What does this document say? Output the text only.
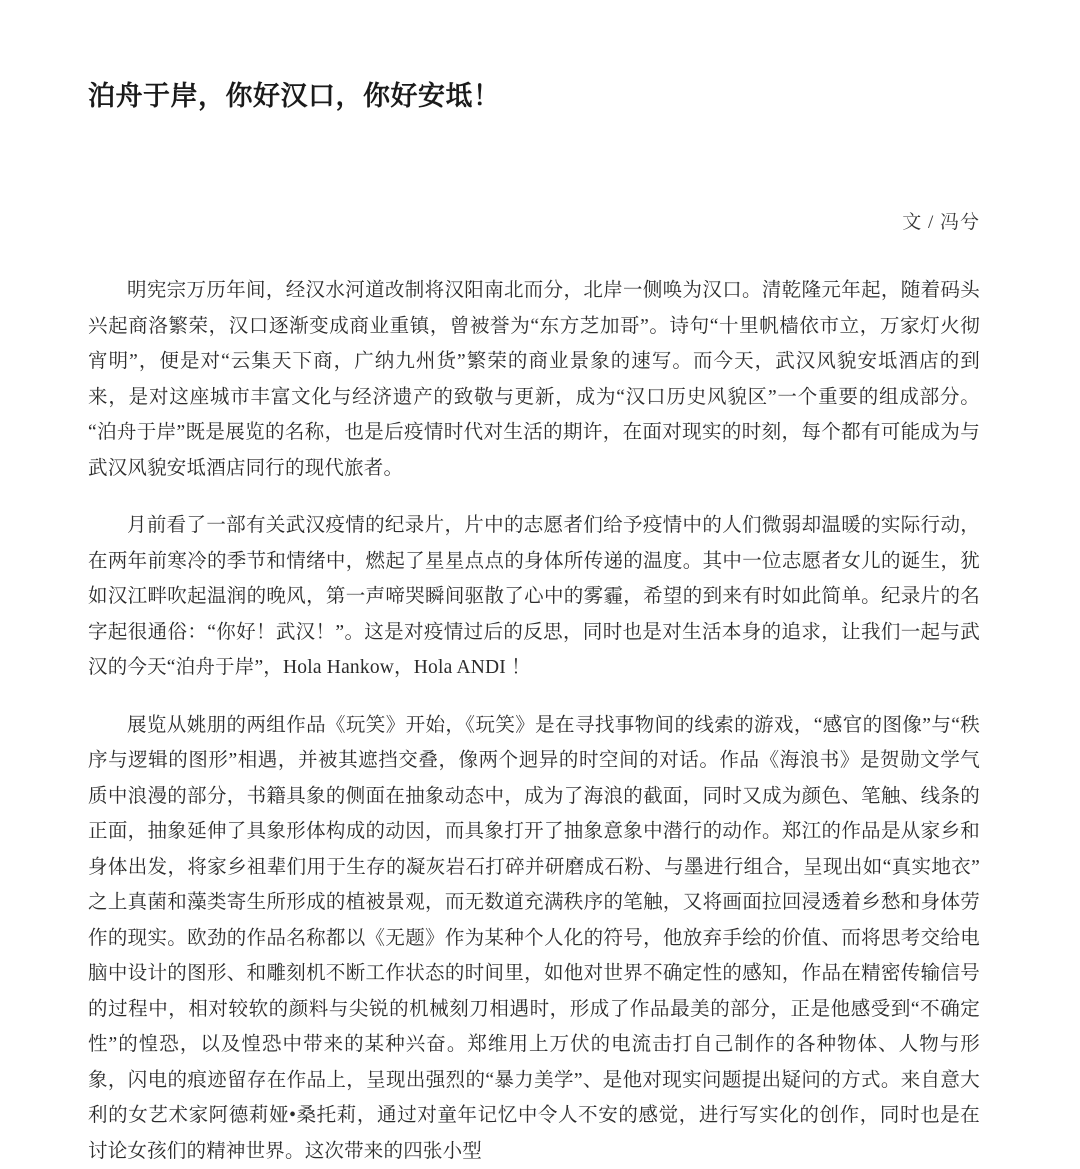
泊舟于岸，你好汉口，你好安坻！
文 / 冯兮

明宪宗万历年间，经汉水河道改制将汉阳南北而分，北岸一侧唤为汉口。清乾隆元年起，随着码头兴起商洛繁荣，汉口逐渐变成商业重镇，曾被誉为“东方芝加哥”。诗句“十里帆樯依市立，万家灯火彻宵明”，便是对“云集天下商，广纳九州货”繁荣的商业景象的速写。而今天，武汉风貌安坻酒店的到来，是对这座城市丰富文化与经济遗产的致敬与更新，成为“汉口历史风貌区”一个重要的组成部分。“泊舟于岸”既是展览的名称，也是后疫情时代对生活的期许，在面对现实的时刻，每个都有可能成为与武汉风貌安坻酒店同行的现代旅者。

月前看了一部有关武汉疫情的纪录片，片中的志愿者们给予疫情中的人们微弱却温暖的实际行动，在两年前寒冷的季节和情绪中，燃起了星星点点的身体所传递的温度。其中一位志愿者女儿的诞生，犹如汉江畔吹起温润的晚风，第一声啼哭瞬间驱散了心中的雾霾，希望的到来有时如此简单。纪录片的名字起很通俗：“你好！武汉！”。这是对疫情过后的反思，同时也是对生活本身的追求，让我们一起与武汉的今天“泊舟于岸”，Hola Hankow，Hola ANDI ！

展览从姚朋的两组作品《玩笑》开始，《玩笑》是在寻找事物间的线索的游戏，“感官的图像”与“秩序与逻辑的图形”相遇，并被其遮挡交叠，像两个迥异的时空间的对话。作品《海浪书》是贺勋文学气质中浪漫的部分，书籍具象的侧面在抽象动态中，成为了海浪的截面，同时又成为颜色、笔触、线条的正面，抽象延伸了具象形体构成的动因，而具象打开了抽象意象中潜行的动作。郑江的作品是从家乡和身体出发，将家乡祖辈们用于生存的凝灰岩石打碎并研磨成石粉、与墨进行组合，呈现出如“真实地衣”之上真菌和藻类寄生所形成的植被景观，而无数道充满秩序的笔触，又将画面拉回浸透着乡愁和身体劳作的现实。欧劲的作品名称都以《无题》作为某种个人化的符号，他放弃手绘的价值、而将思考交给电脑中设计的图形、和雕刻机不断工作状态的时间里，如他对世界不确定性的感知，作品在精密传输信号的过程中，相对较软的颜料与尖锐的机械刻刀相遇时，形成了作品最美的部分，正是他感受到“不确定性”的惶恐，以及惶恐中带来的某种兴奋。郑维用上万伏的电流击打自己制作的各种物体、人物与形象，闪电的痕迹留存在作品上，呈现出强烈的“暴力美学”、是他对现实问题提出疑问的方式。来自意大利的女艺术家阿德莉娅•桑托莉，通过对童年记忆中令人不安的感觉，进行写实化的创作，同时也是在讨论女孩们的精神世界。这次带来的四张小型
